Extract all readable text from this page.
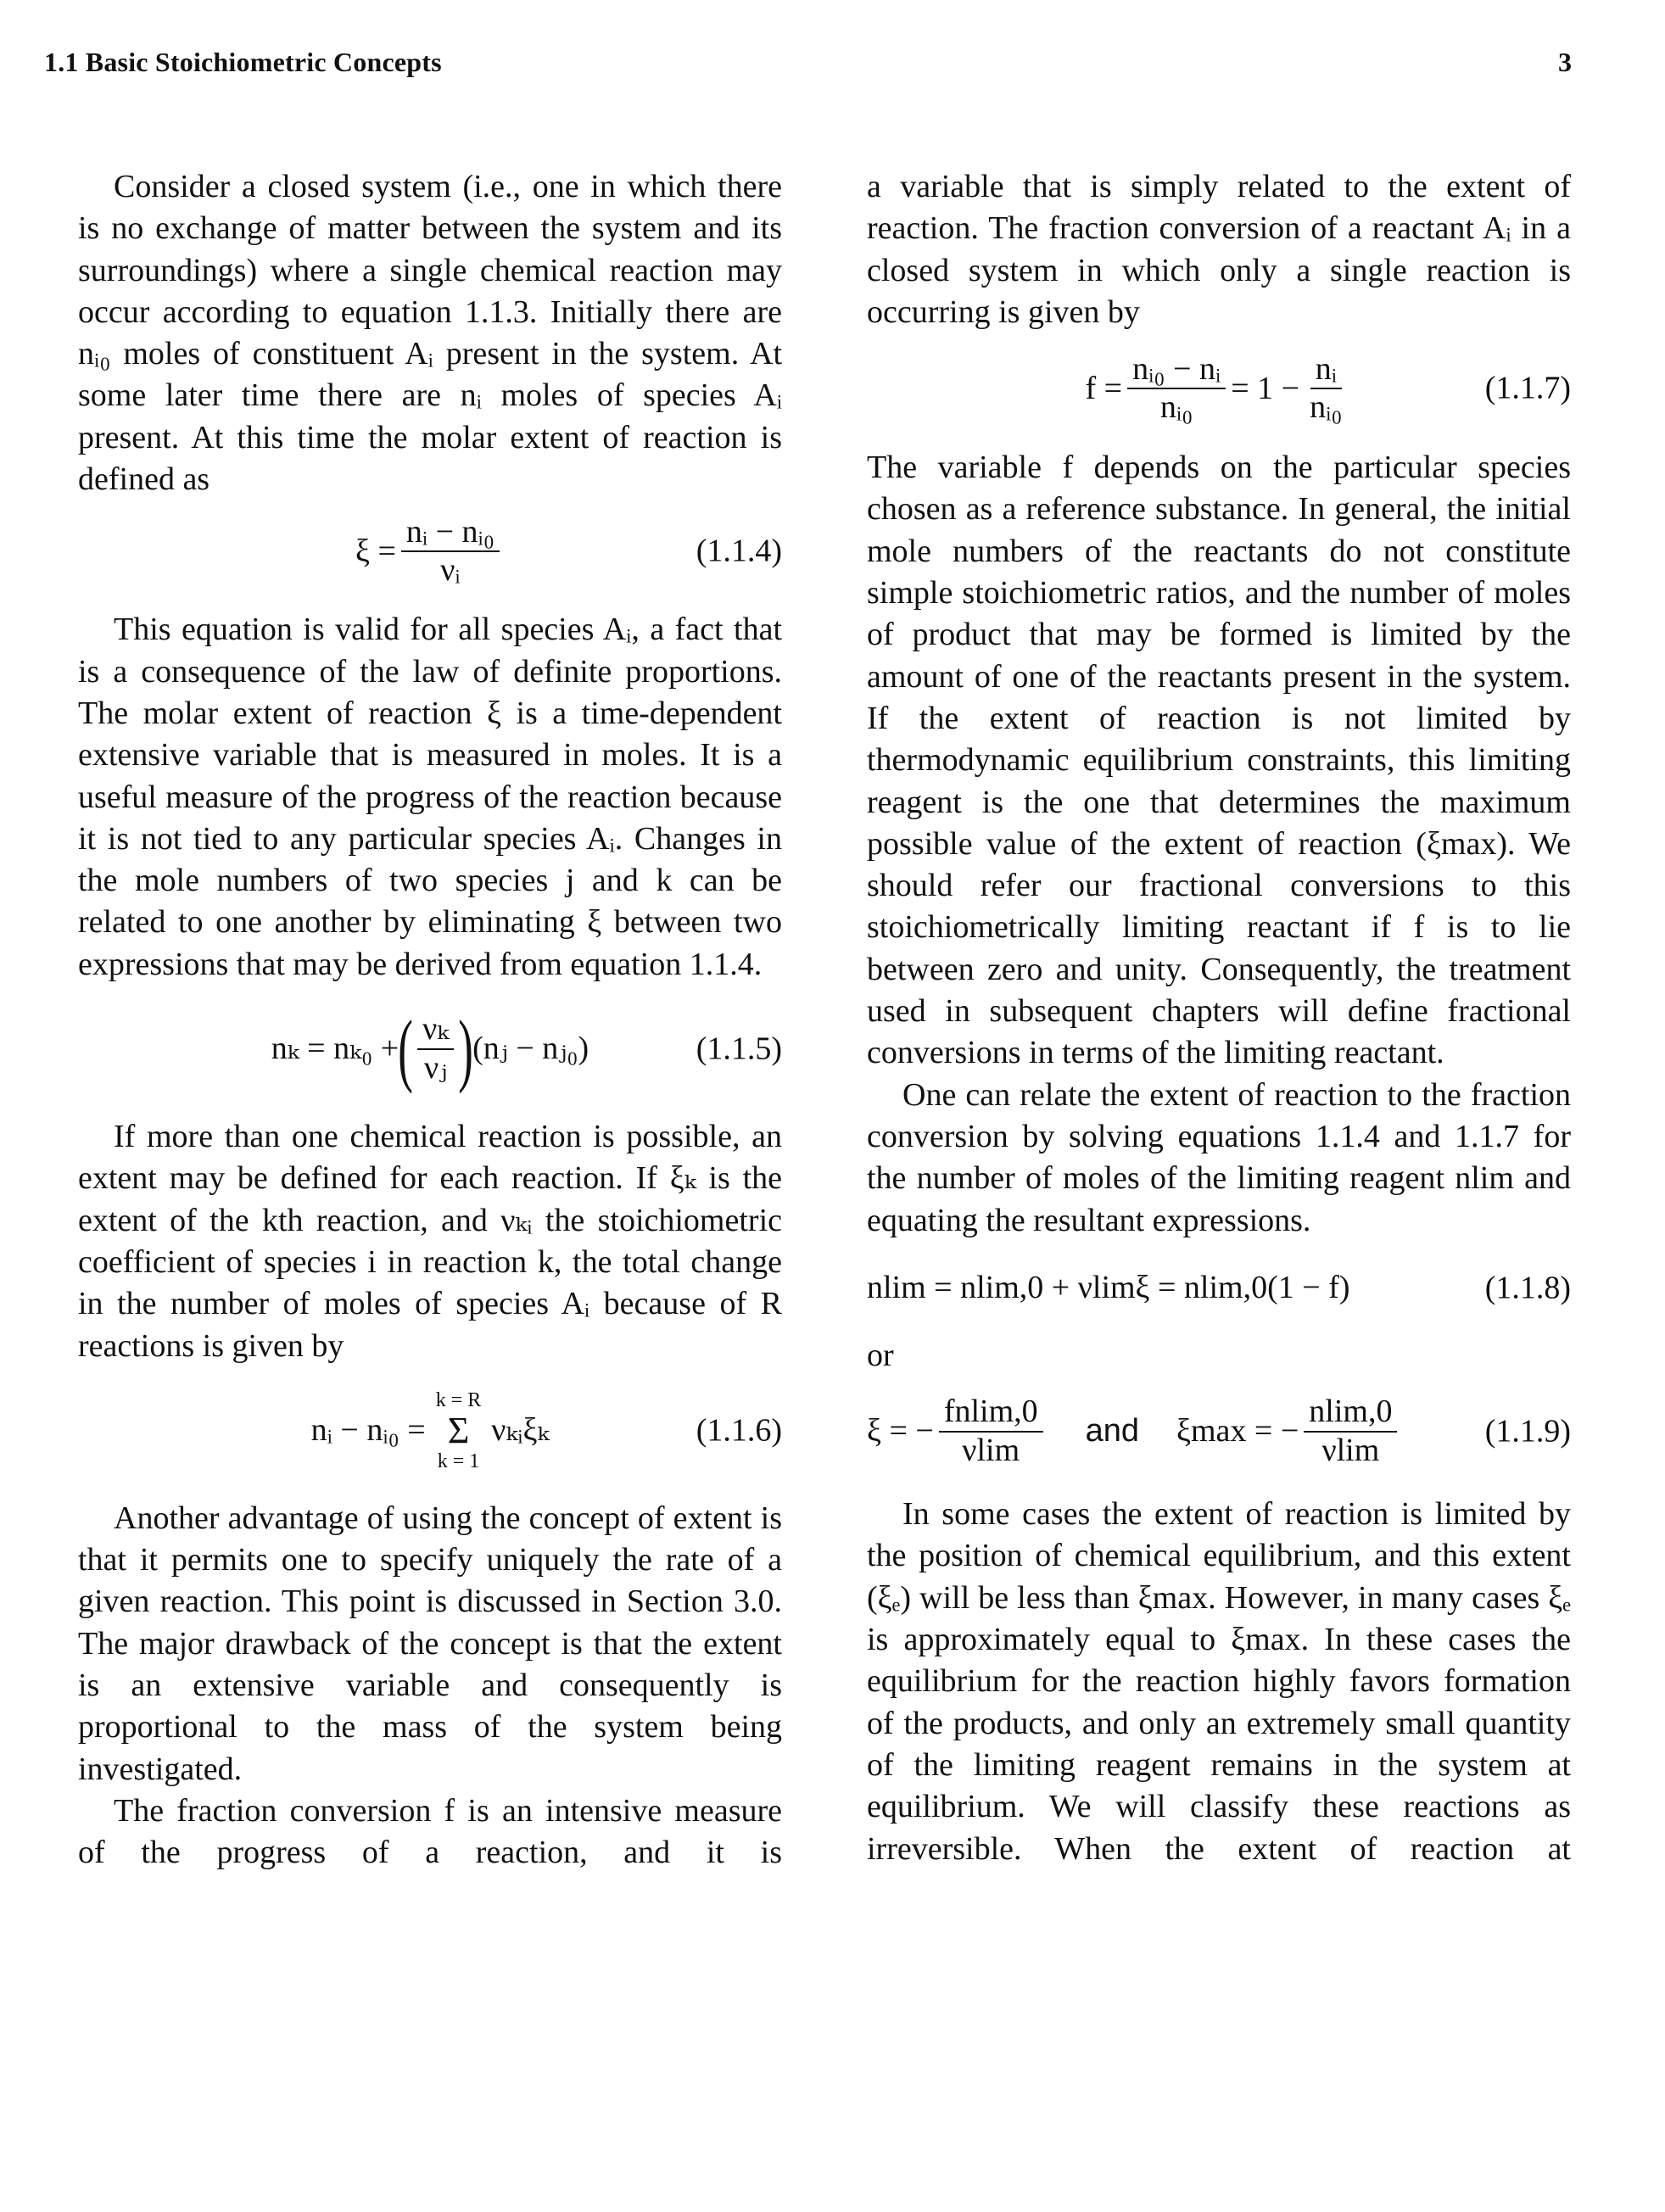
1.1 Basic Stoichiometric Concepts	3

Consider a closed system (i.e., one in which there is no exchange of matter between the system and its surroundings) where a single chemical reaction may occur according to equation 1.1.3. Initially there are nᵢ₀ moles of constituent Aᵢ present in the system. At some later time there are nᵢ moles of species Aᵢ present. At this time the molar extent of reaction is defined as

$\xi = \frac{\text{nᵢ − nᵢ₀}}{\text{νᵢ}}$	(1.1.4)

This equation is valid for all species Aᵢ, a fact that is a consequence of the law of definite proportions. The molar extent of reaction ξ is a time-dependent extensive variable that is measured in moles. It is a useful measure of the progress of the reaction because it is not tied to any particular species Aᵢ. Changes in the mole numbers of two species j and k can be related to one another by eliminating ξ between two expressions that may be derived from equation 1.1.4.

nₖ = nₖ₀ + ( $\frac{\text{νₖ}}{\text{νⱼ}}$ ) (nⱼ − nⱼ₀)	(1.1.5)

If more than one chemical reaction is possible, an extent may be defined for each reaction. If ξₖ is the extent of the kth reaction, and νₖᵢ the stoichiometric coefficient of species i in reaction k, the total change in the number of moles of species Aᵢ because of R reactions is given by

nᵢ − nᵢ₀ =
k = R
Σ
k = 1
νₖᵢξₖ	(1.1.6)

Another advantage of using the concept of extent is that it permits one to specify uniquely the rate of a given reaction. This point is discussed in Section 3.0. The major drawback of the concept is that the extent is an extensive variable and consequently is proportional to the mass of the system being investigated.

The fraction conversion f is an intensive measure of the progress of a reaction, and it is

a variable that is simply related to the extent of reaction. The fraction conversion of a reactant Aᵢ in a closed system in which only a single reaction is occurring is given by

$f = \frac{\text{nᵢ₀ − nᵢ}}{\text{nᵢ₀}} = 1 - \frac{\text{nᵢ}}{\text{nᵢ₀}}$	(1.1.7)

The variable f depends on the particular species chosen as a reference substance. In general, the initial mole numbers of the reactants do not constitute simple stoichiometric ratios, and the number of moles of product that may be formed is limited by the amount of one of the reactants present in the system. If the extent of reaction is not limited by thermodynamic equilibrium constraints, this limiting reagent is the one that determines the maximum possible value of the extent of reaction (ξmax). We should refer our fractional conversions to this stoichiometrically limiting reactant if f is to lie between zero and unity. Consequently, the treatment used in subsequent chapters will define fractional conversions in terms of the limiting reactant.

One can relate the extent of reaction to the fraction conversion by solving equations 1.1.4 and 1.1.7 for the number of moles of the limiting reagent nlim and equating the resultant expressions.

nlim = nlim,0 + νlimξ = nlim,0(1 − f)	(1.1.8)

or

ξ = − $\frac{fnlim,0}{\nu\lim}$ and ξmax = − $\frac{nlim,0}{\nu\lim}$	(1.1.9)

In some cases the extent of reaction is limited by the position of chemical equilibrium, and this extent (ξₑ) will be less than ξmax. However, in many cases ξₑ is approximately equal to ξmax. In these cases the equilibrium for the reaction highly favors formation of the products, and only an extremely small quantity of the limiting reagent remains in the system at equilibrium. We will classify these reactions as irreversible. When the extent of reaction at
